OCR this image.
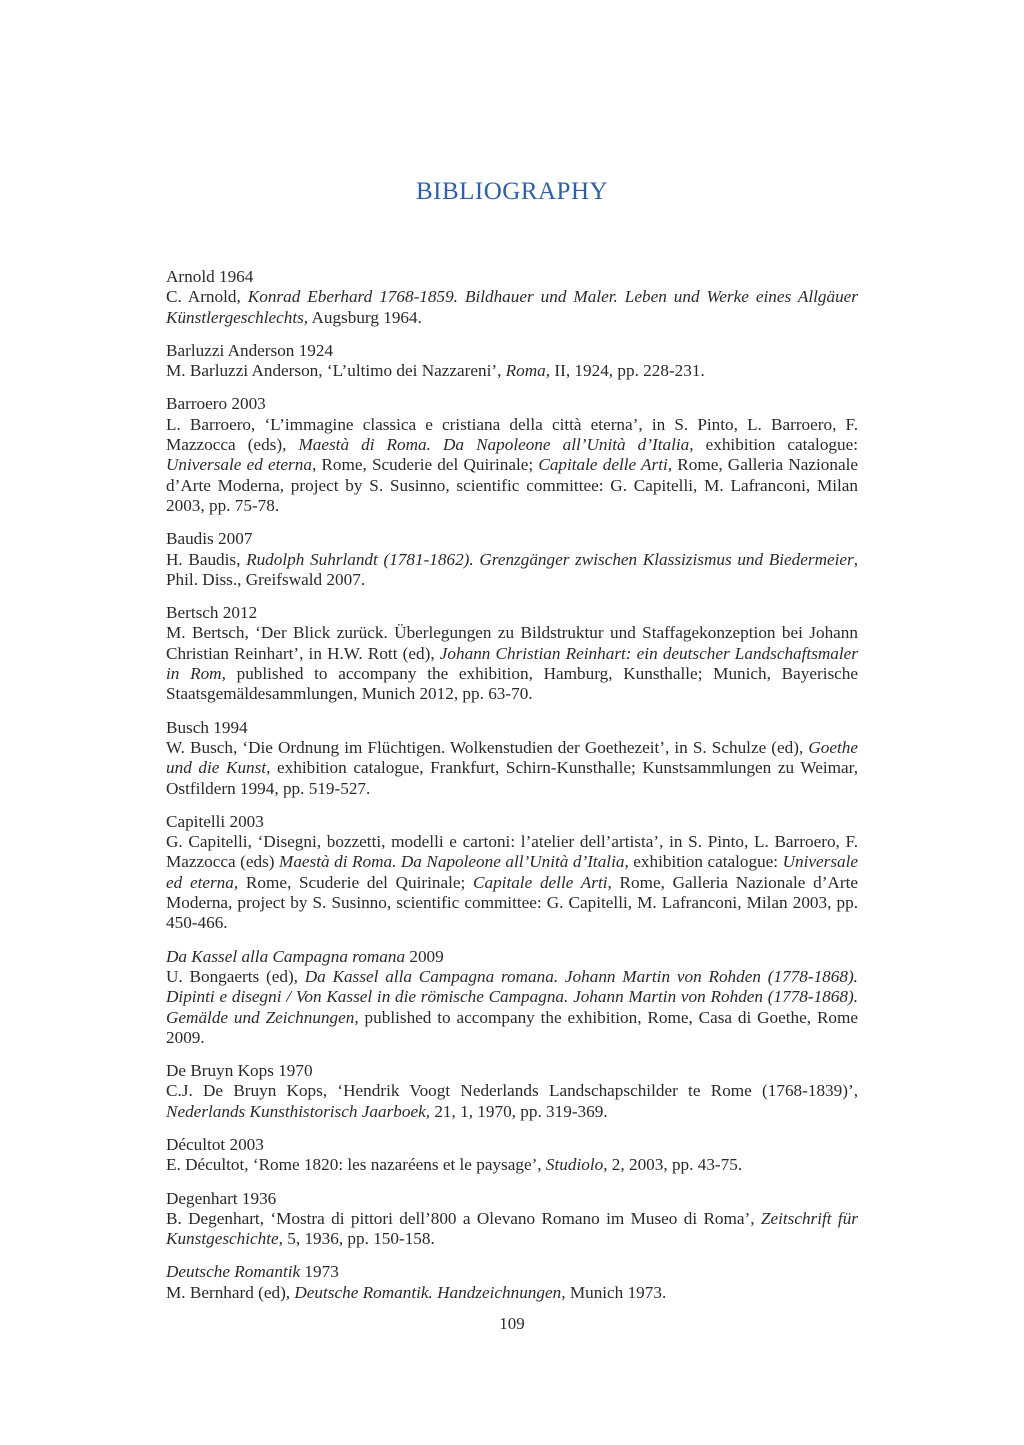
BIBLIOGRAPHY
Arnold 1964
C. Arnold, Konrad Eberhard 1768-1859. Bildhauer und Maler. Leben und Werke eines Allgäuer Künstlergeschlechts, Augsburg 1964.
Barluzzi Anderson 1924
M. Barluzzi Anderson, ‘L’ultimo dei Nazzareni’, Roma, II, 1924, pp. 228-231.
Barroero 2003
L. Barroero, ‘L’immagine classica e cristiana della città eterna’, in S. Pinto, L. Barroero, F. Mazzocca (eds), Maestà di Roma. Da Napoleone all’Unità d’Italia, exhibition catalogue: Universale ed eterna, Rome, Scuderie del Quirinale; Capitale delle Arti, Rome, Galleria Nazionale d’Arte Moderna, project by S. Susinno, scientific committee: G. Capitelli, M. Lafranconi, Milan 2003, pp. 75-78.
Baudis 2007
H. Baudis, Rudolph Suhrlandt (1781-1862). Grenzgänger zwischen Klassizismus und Biedermeier, Phil. Diss., Greifswald 2007.
Bertsch 2012
M. Bertsch, ‘Der Blick zurück. Überlegungen zu Bildstruktur und Staffagekonzeption bei Johann Christian Reinhart’, in H.W. Rott (ed), Johann Christian Reinhart: ein deutscher Landschaftsmaler in Rom, published to accompany the exhibition, Hamburg, Kunsthalle; Munich, Bayerische Staatsgemäldesammlungen, Munich 2012, pp. 63-70.
Busch 1994
W. Busch, ‘Die Ordnung im Flüchtigen. Wolkenstudien der Goethezeit’, in S. Schulze (ed), Goethe und die Kunst, exhibition catalogue, Frankfurt, Schirn-Kunsthalle; Kunstsammlungen zu Weimar, Ostfildern 1994, pp. 519-527.
Capitelli 2003
G. Capitelli, ‘Disegni, bozzetti, modelli e cartoni: l’atelier dell’artista’, in S. Pinto, L. Barroero, F. Mazzocca (eds) Maestà di Roma. Da Napoleone all’Unità d’Italia, exhibition catalogue: Universale ed eterna, Rome, Scuderie del Quirinale; Capitale delle Arti, Rome, Galleria Nazionale d’Arte Moderna, project by S. Susinno, scientific committee: G. Capitelli, M. Lafranconi, Milan 2003, pp. 450-466.
Da Kassel alla Campagna romana 2009
U. Bongaerts (ed), Da Kassel alla Campagna romana. Johann Martin von Rohden (1778-1868). Dipinti e disegni / Von Kassel in die römische Campagna. Johann Martin von Rohden (1778-1868). Gemälde und Zeichnungen, published to accompany the exhibition, Rome, Casa di Goethe, Rome 2009.
De Bruyn Kops 1970
C.J. De Bruyn Kops, ‘Hendrik Voogt Nederlands Landschapschilder te Rome (1768-1839)’, Nederlands Kunsthistorisch Jaarboek, 21, 1, 1970, pp. 319-369.
Décultot 2003
E. Décultot, ‘Rome 1820: les nazaréens et le paysage’, Studiolo, 2, 2003, pp. 43-75.
Degenhart 1936
B. Degenhart, ‘Mostra di pittori dell’800 a Olevano Romano im Museo di Roma’, Zeitschrift für Kunstgeschichte, 5, 1936, pp. 150-158.
Deutsche Romantik 1973
M. Bernhard (ed), Deutsche Romantik. Handzeichnungen, Munich 1973.
109
